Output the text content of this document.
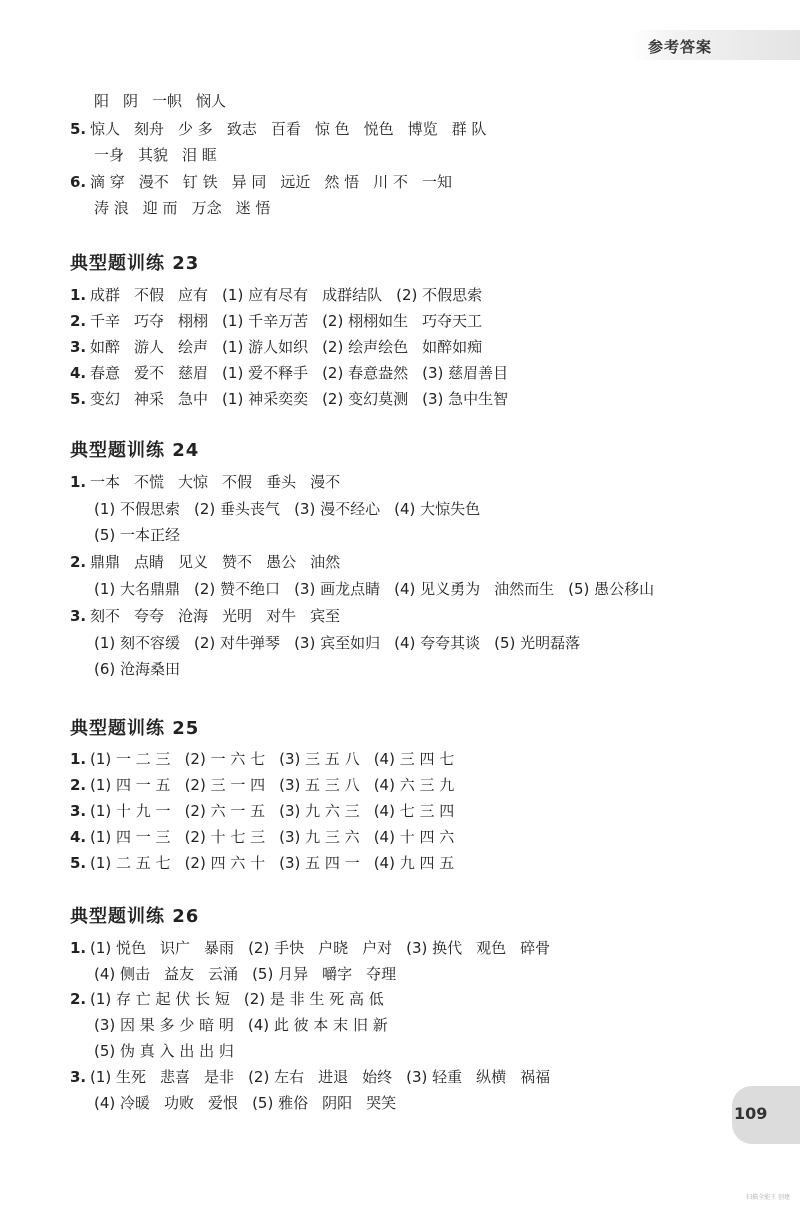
参考答案
阳 阴 一帜 悯人
5. 惊人 刻舟 少 多 致志 百看 惊 色 悦色 博览 群 队
一身 其貌 泪 眶
6. 滴 穿 漫不 钉 铁 异 同 远近 然 悟 川 不 一知
涛 浪 迎 而 万念 迷 悟
典型题训练 23
1. 成群 不假 应有 (1) 应有尽有 成群结队 (2) 不假思索
2. 千辛 巧夺 栩栩 (1) 千辛万苦 (2) 栩栩如生 巧夺天工
3. 如醉 游人 绘声 (1) 游人如织 (2) 绘声绘色 如醉如痴
4. 春意 爱不 慈眉 (1) 爱不释手 (2) 春意盎然 (3) 慈眉善目
5. 变幻 神采 急中 (1) 神采奕奕 (2) 变幻莫测 (3) 急中生智
典型题训练 24
1. 一本 不慌 大惊 不假 垂头 漫不
(1) 不假思索 (2) 垂头丧气 (3) 漫不经心 (4) 大惊失色
(5) 一本正经
2. 鼎鼎 点睛 见义 赞不 愚公 油然
(1) 大名鼎鼎 (2) 赞不绝口 (3) 画龙点睛 (4) 见义勇为 油然而生 (5) 愚公移山
3. 刻不 夸夸 沧海 光明 对牛 宾至
(1) 刻不容缓 (2) 对牛弹琴 (3) 宾至如归 (4) 夸夸其谈 (5) 光明磊落
(6) 沧海桑田
典型题训练 25
1. (1) 一 二 三 (2) 一 六 七 (3) 三 五 八 (4) 三 四 七
2. (1) 四 一 五 (2) 三 一 四 (3) 五 三 八 (4) 六 三 九
3. (1) 十 九 一 (2) 六 一 五 (3) 九 六 三 (4) 七 三 四
4. (1) 四 一 三 (2) 十 七 三 (3) 九 三 六 (4) 十 四 六
5. (1) 二 五 七 (2) 四 六 十 (3) 五 四 一 (4) 九 四 五
典型题训练 26
1. (1) 悦色 识广 暴雨 (2) 手快 户晓 户对 (3) 换代 观色 碎骨
(4) 侧击 益友 云涌 (5) 月异 嚼字 夺理
2. (1) 存 亡 起 伏 长 短 (2) 是 非 生 死 高 低
(3) 因 果 多 少 暗 明 (4) 此 彼 本 末 旧 新
(5) 伪 真 入 出 出 归
3. (1) 生死 悲喜 是非 (2) 左右 进退 始终 (3) 轻重 纵横 祸福
(4) 冷暖 功败 爱恨 (5) 雅俗 阴阳 哭笑
109
扫描全能王 创建
